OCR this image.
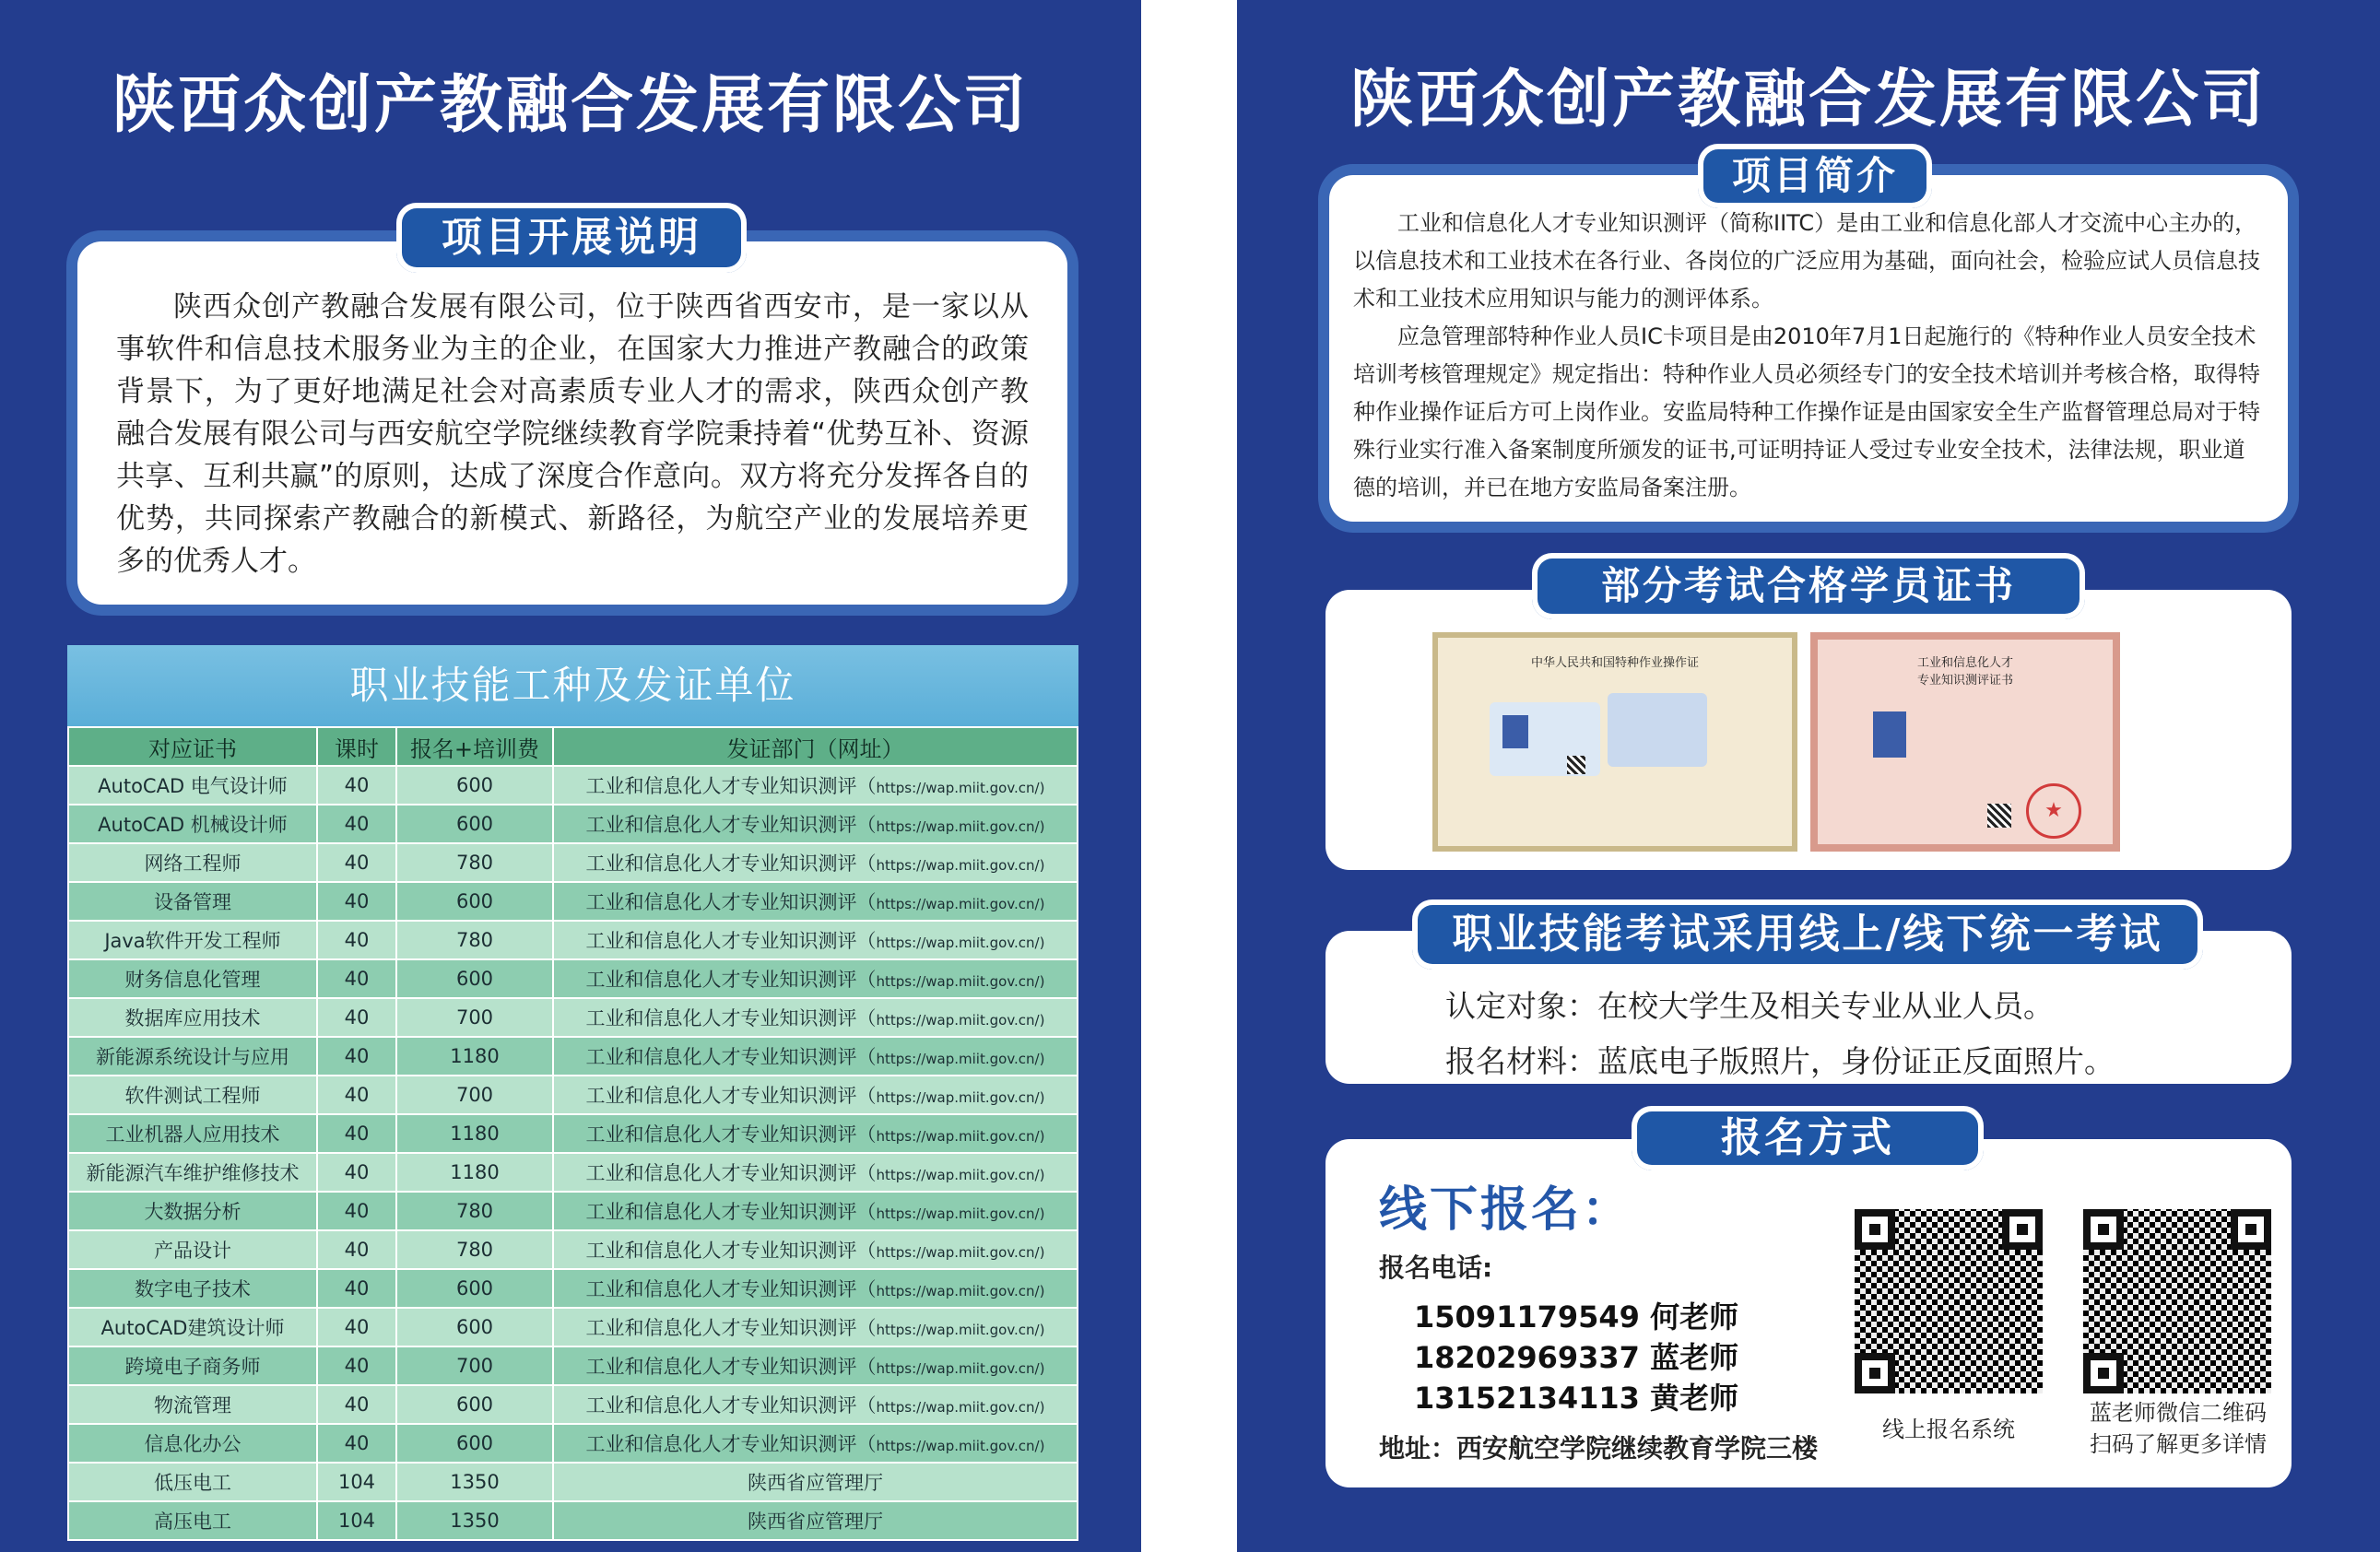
陕西众创产教融合发展有限公司

陕西众创产教融合发展有限公司，位于陕西省西安市，是一家以从事软件和信息技术服务业为主的企业，在国家大力推进产教融合的政策背景下，为了更好地满足社会对高素质专业人才的需求，陕西众创产教融合发展有限公司与西安航空学院继续教育学院秉持着“优势互补、资源共享、互利共赢”的原则，达成了深度合作意向。双方将充分发挥各自的优势，共同探索产教融合的新模式、新路径，为航空产业的发展培养更多的优秀人才。

项目开展说明
职业技能工种及发证单位
对应证书	课时	报名+培训费	发证部门（网址）
AutoCAD 电气设计师	40	600	工业和信息化人才专业知识测评（https://wap.miit.gov.cn/)
AutoCAD 机械设计师	40	600	工业和信息化人才专业知识测评（https://wap.miit.gov.cn/)
网络工程师	40	780	工业和信息化人才专业知识测评（https://wap.miit.gov.cn/)
设备管理	40	600	工业和信息化人才专业知识测评（https://wap.miit.gov.cn/)
Java软件开发工程师	40	780	工业和信息化人才专业知识测评（https://wap.miit.gov.cn/)
财务信息化管理	40	600	工业和信息化人才专业知识测评（https://wap.miit.gov.cn/)
数据库应用技术	40	700	工业和信息化人才专业知识测评（https://wap.miit.gov.cn/)
新能源系统设计与应用	40	1180	工业和信息化人才专业知识测评（https://wap.miit.gov.cn/)
软件测试工程师	40	700	工业和信息化人才专业知识测评（https://wap.miit.gov.cn/)
工业机器人应用技术	40	1180	工业和信息化人才专业知识测评（https://wap.miit.gov.cn/)
新能源汽车维护维修技术	40	1180	工业和信息化人才专业知识测评（https://wap.miit.gov.cn/)
大数据分析	40	780	工业和信息化人才专业知识测评（https://wap.miit.gov.cn/)
产品设计	40	780	工业和信息化人才专业知识测评（https://wap.miit.gov.cn/)
数字电子技术	40	600	工业和信息化人才专业知识测评（https://wap.miit.gov.cn/)
AutoCAD建筑设计师	40	600	工业和信息化人才专业知识测评（https://wap.miit.gov.cn/)
跨境电子商务师	40	700	工业和信息化人才专业知识测评（https://wap.miit.gov.cn/)
物流管理	40	600	工业和信息化人才专业知识测评（https://wap.miit.gov.cn/)
信息化办公	40	600	工业和信息化人才专业知识测评（https://wap.miit.gov.cn/)
低压电工	104	1350	陕西省应管理厅
高压电工	104	1350	陕西省应管理厅
陕西众创产教融合发展有限公司

工业和信息化人才专业知识测评（简称IITC）是由工业和信息化部人才交流中心主办的，以信息技术和工业技术在各行业、各岗位的广泛应用为基础，面向社会，检验应试人员信息技术和工业技术应用知识与能力的测评体系。

应急管理部特种作业人员IC卡项目是由2010年7月1日起施行的《特种作业人员安全技术培训考核管理规定》规定指出：特种作业人员必须经专门的安全技术培训并考核合格，取得特种作业操作证后方可上岗作业。安监局特种工作操作证是由国家安全生产监督管理总局对于特殊行业实行准入备案制度所颁发的证书,可证明持证人受过专业安全技术，法律法规，职业道德的培训，并已在地方安监局备案注册。

项目简介
中华人民共和国特种作业操作证	工业和信息化人才
专业知识测评证书
★
部分考试合格学员证书

认定对象：在校大学生及相关专业从业人员。

报名材料：蓝底电子版照片，身份证正反面照片。

职业技能考试采用线上/线下统一考试
线下报名：
报名电话:
15091179549 何老师
18202969337 蓝老师
13152134113 黄老师
地址：西安航空学院继续教育学院三楼
线上报名系统
蓝老师微信二维码
扫码了解更多详情
报名方式
